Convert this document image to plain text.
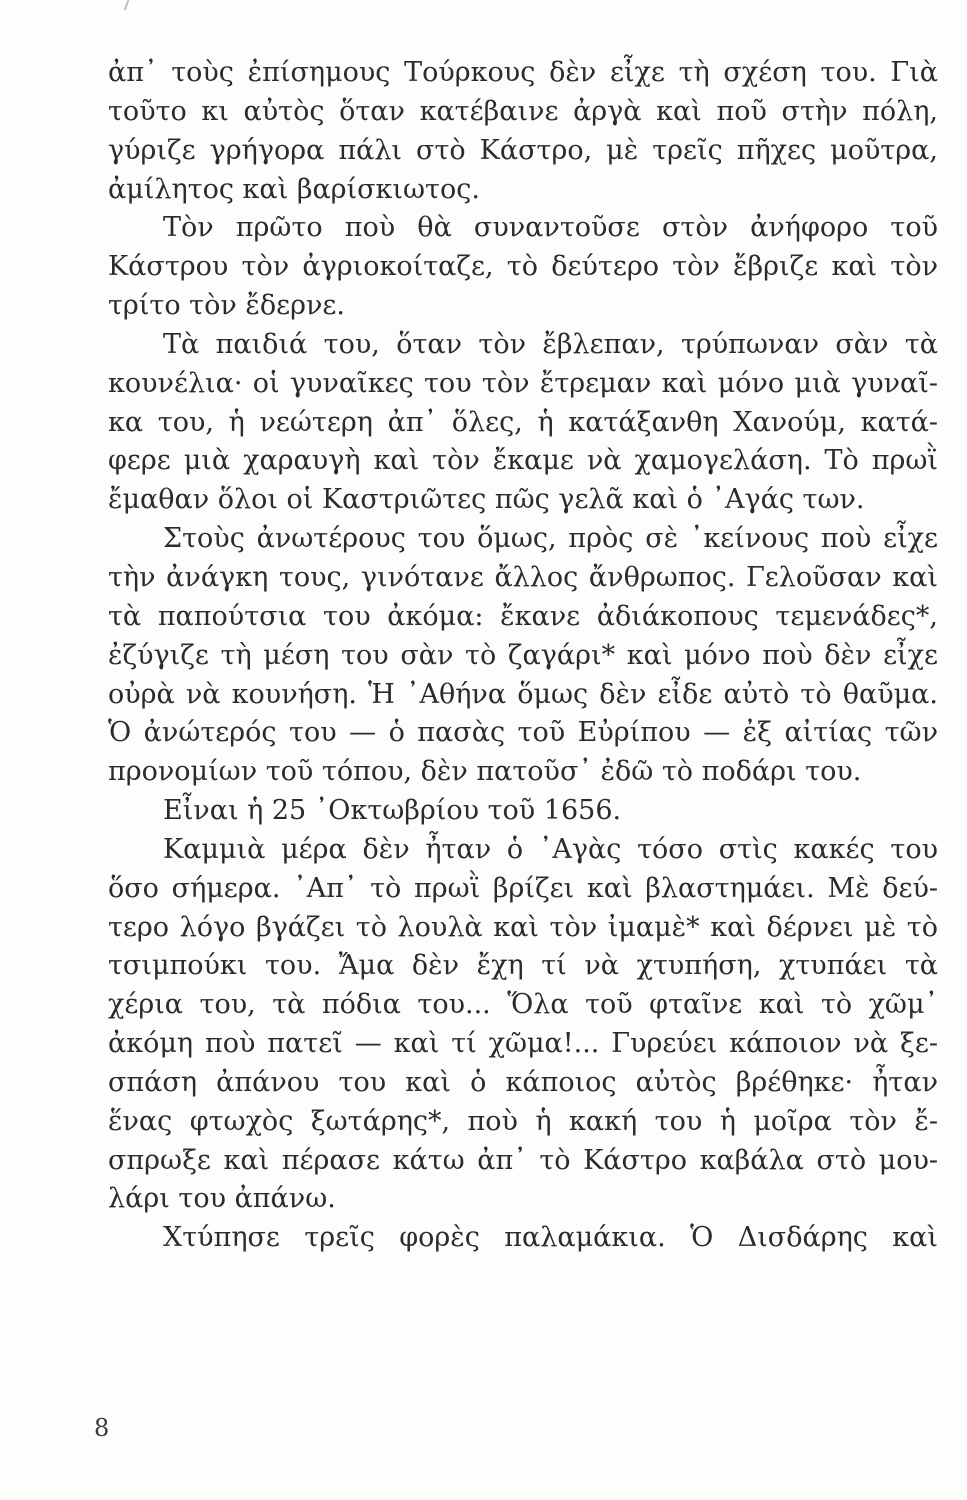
ἀπ᾿ τοὺς ἐπίσημους Τούρκους δὲν εἶχε τὴ σχέση του. Γιὰ
τοῦτο κι αὐτὸς ὅταν κατέβαινε ἀργὰ καὶ ποῦ στὴν πόλη,
γύριζε γρήγορα πάλι στὸ Κάστρο, μὲ τρεῖς πῆχες μοῦτρα,
ἀμίλητος καὶ βαρίσκιωτος.
Τὸν πρῶτο ποὺ θὰ συναντοῦσε στὸν ἀνήφορο τοῦ
Κάστρου τὸν ἀγριοκοίταζε, τὸ δεύτερο τὸν ἔβριζε καὶ τὸν
τρίτο τὸν ἔδερνε.
Τὰ παιδιά του, ὅταν τὸν ἔβλεπαν, τρύπωναν σὰν τὰ
κουνέλια· οἱ γυναῖκες του τὸν ἔτρεμαν καὶ μόνο μιὰ γυναῖ-
κα του, ἡ νεώτερη ἀπ᾿ ὅλες, ἡ κατάξανθη Χανούμ, κατά-
φερε μιὰ χαραυγὴ καὶ τὸν ἔκαμε νὰ χαμογελάση. Τὸ πρωῒ
ἔμαθαν ὅλοι οἱ Καστριῶτες πῶς γελᾶ καὶ ὁ ᾿Αγάς των.
Στοὺς ἀνωτέρους του ὅμως, πρὸς σὲ ᾿κείνους ποὺ εἶχε
τὴν ἀνάγκη τους, γινότανε ἄλλος ἄνθρωπος. Γελοῦσαν καὶ
τὰ παπούτσια του ἀκόμα: ἔκανε ἀδιάκοπους τεμενάδες*,
ἐζύγιζε τὴ μέση του σὰν τὸ ζαγάρι* καὶ μόνο ποὺ δὲν εἶχε
οὐρὰ νὰ κουνήση. Ἡ ᾿Αθήνα ὅμως δὲν εἶδε αὐτὸ τὸ θαῦμα.
Ὁ ἀνώτερός του — ὁ πασὰς τοῦ Εὐρίπου — ἐξ αἰτίας τῶν
προνομίων τοῦ τόπου, δὲν πατοῦσ᾿ ἐδῶ τὸ ποδάρι του.
Εἶναι ἡ 25 ᾿Οκτωβρίου τοῦ 1656.
Καμμιὰ μέρα δὲν ἦταν ὁ ᾿Αγὰς τόσο στὶς κακές του
ὅσο σήμερα. ᾿Απ᾿ τὸ πρωῒ βρίζει καὶ βλαστημάει. Μὲ δεύ-
τερο λόγο βγάζει τὸ λουλὰ καὶ τὸν ἰμαμὲ* καὶ δέρνει μὲ τὸ
τσιμπούκι του. Ἄμα δὲν ἔχη τί νὰ χτυπήση, χτυπάει τὰ
χέρια του, τὰ πόδια του... Ὅλα τοῦ φταῖνε καὶ τὸ χῶμ᾿
ἀκόμη ποὺ πατεῖ — καὶ τί χῶμα!... Γυρεύει κάποιον νὰ ξε-
σπάση ἀπάνου του καὶ ὁ κάποιος αὐτὸς βρέθηκε· ἦταν
ἕνας φτωχὸς ξωτάρης*, ποὺ ἡ κακή του ἡ μοῖρα τὸν ἔ-
σπρωξε καὶ πέρασε κάτω ἀπ᾿ τὸ Κάστρο καβάλα στὸ μου-
λάρι του ἀπάνω.
Χτύπησε τρεῖς φορὲς παλαμάκια. Ὁ Δισδάρης καὶ
8
